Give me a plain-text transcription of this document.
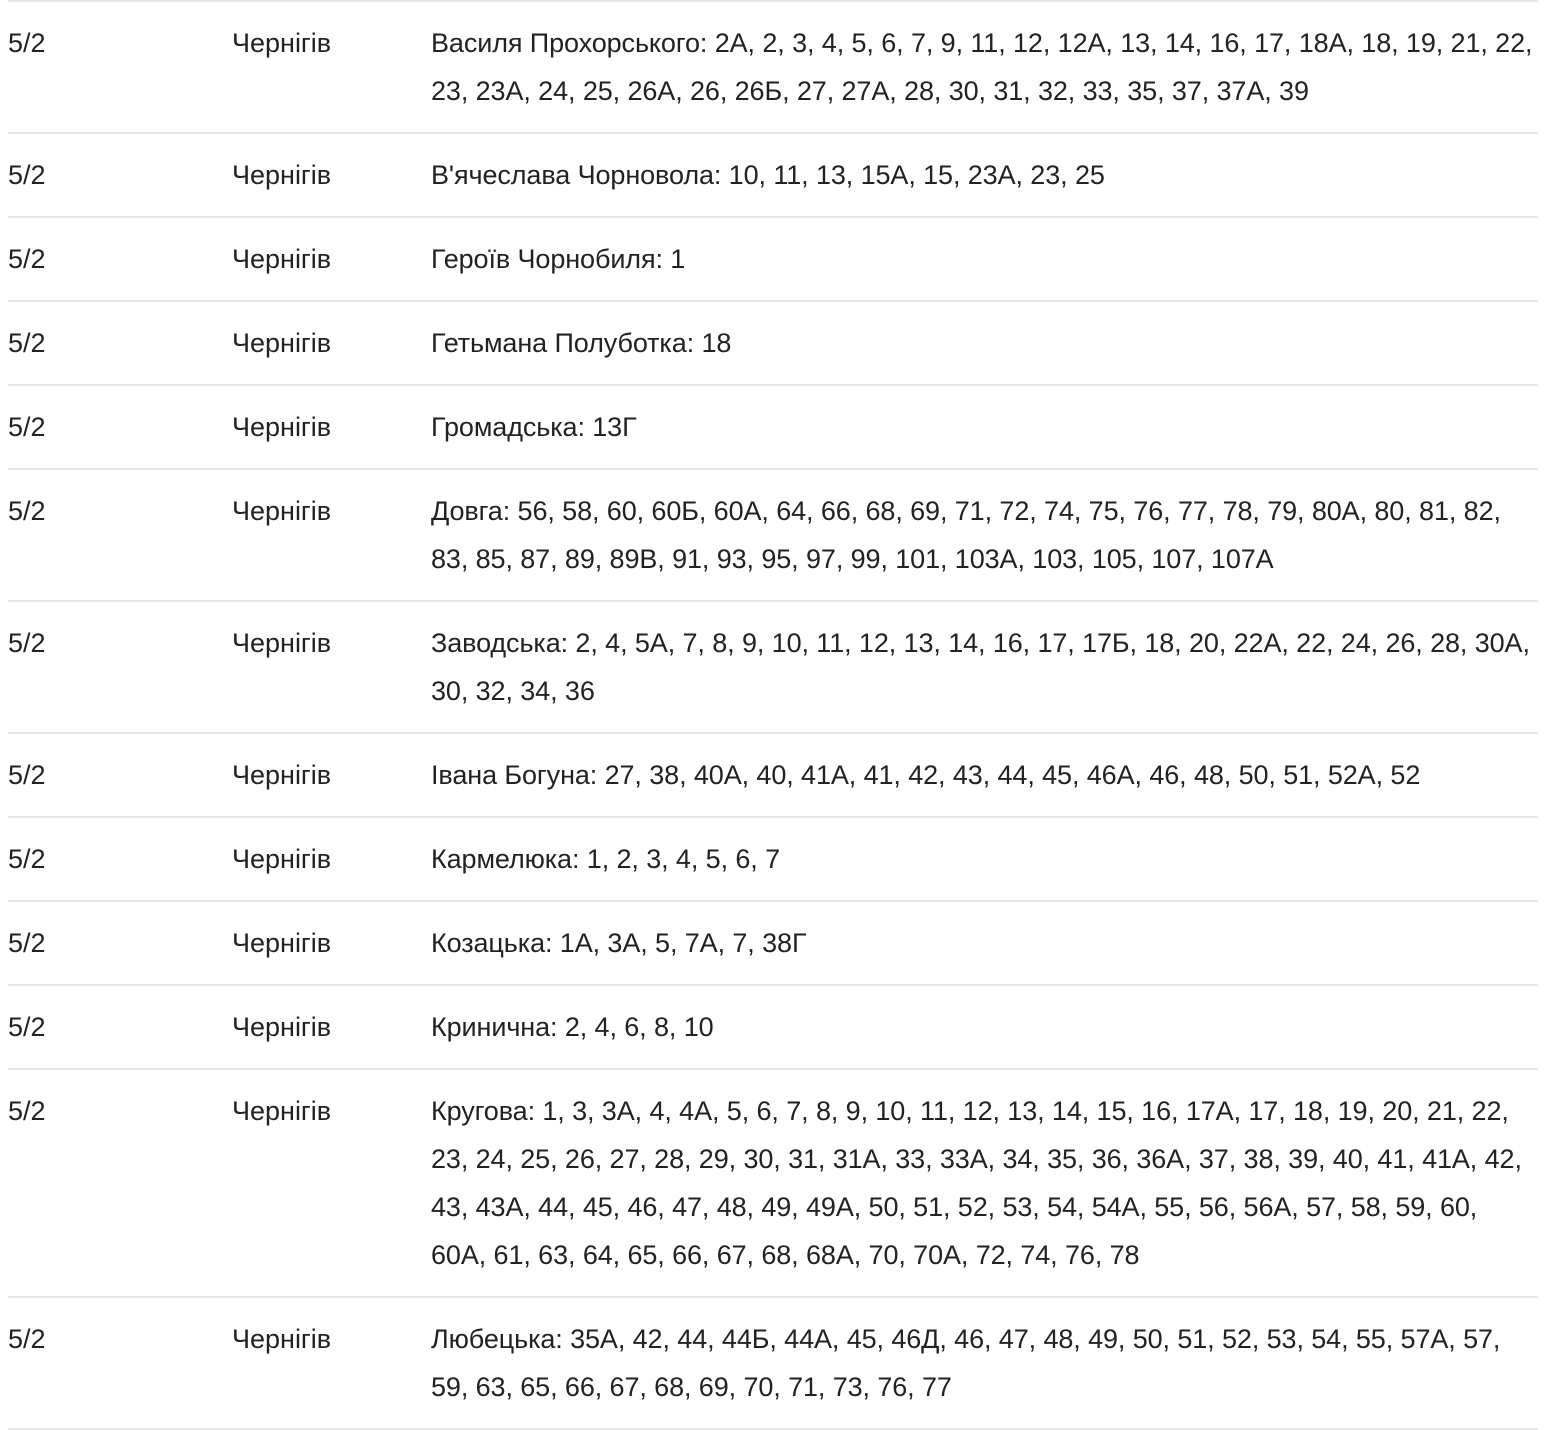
5/2	Чернігів	Василя Прохорського: 2А, 2, 3, 4, 5, 6, 7, 9, 11, 12, 12А, 13, 14, 16, 17, 18А, 18, 19, 21, 22, 23, 23А, 24, 25, 26А, 26, 26Б, 27, 27А, 28, 30, 31, 32, 33, 35, 37, 37А, 39
5/2	Чернігів	В'ячеслава Чорновола: 10, 11, 13, 15А, 15, 23А, 23, 25
5/2	Чернігів	Героїв Чорнобиля: 1
5/2	Чернігів	Гетьмана Полуботка: 18
5/2	Чернігів	Громадська: 13Г
5/2	Чернігів	Довга: 56, 58, 60, 60Б, 60А, 64, 66, 68, 69, 71, 72, 74, 75, 76, 77, 78, 79, 80А, 80, 81, 82, 83, 85, 87, 89, 89В, 91, 93, 95, 97, 99, 101, 103А, 103, 105, 107, 107А
5/2	Чернігів	Заводська: 2, 4, 5А, 7, 8, 9, 10, 11, 12, 13, 14, 16, 17, 17Б, 18, 20, 22А, 22, 24, 26, 28, 30А, 30, 32, 34, 36
5/2	Чернігів	Івана Богуна: 27, 38, 40А, 40, 41А, 41, 42, 43, 44, 45, 46А, 46, 48, 50, 51, 52А, 52
5/2	Чернігів	Кармелюка: 1, 2, 3, 4, 5, 6, 7
5/2	Чернігів	Козацька: 1А, 3А, 5, 7А, 7, 38Г
5/2	Чернігів	Кринична: 2, 4, 6, 8, 10
5/2	Чернігів	Кругова: 1, 3, 3А, 4, 4А, 5, 6, 7, 8, 9, 10, 11, 12, 13, 14, 15, 16, 17А, 17, 18, 19, 20, 21, 22, 23, 24, 25, 26, 27, 28, 29, 30, 31, 31А, 33, 33А, 34, 35, 36, 36А, 37, 38, 39, 40, 41, 41А, 42, 43, 43А, 44, 45, 46, 47, 48, 49, 49А, 50, 51, 52, 53, 54, 54А, 55, 56, 56А, 57, 58, 59, 60, 60А, 61, 63, 64, 65, 66, 67, 68, 68А, 70, 70А, 72, 74, 76, 78
5/2	Чернігів	Любецька: 35А, 42, 44, 44Б, 44А, 45, 46Д, 46, 47, 48, 49, 50, 51, 52, 53, 54, 55, 57А, 57, 59, 63, 65, 66, 67, 68, 69, 70, 71, 73, 76, 77
